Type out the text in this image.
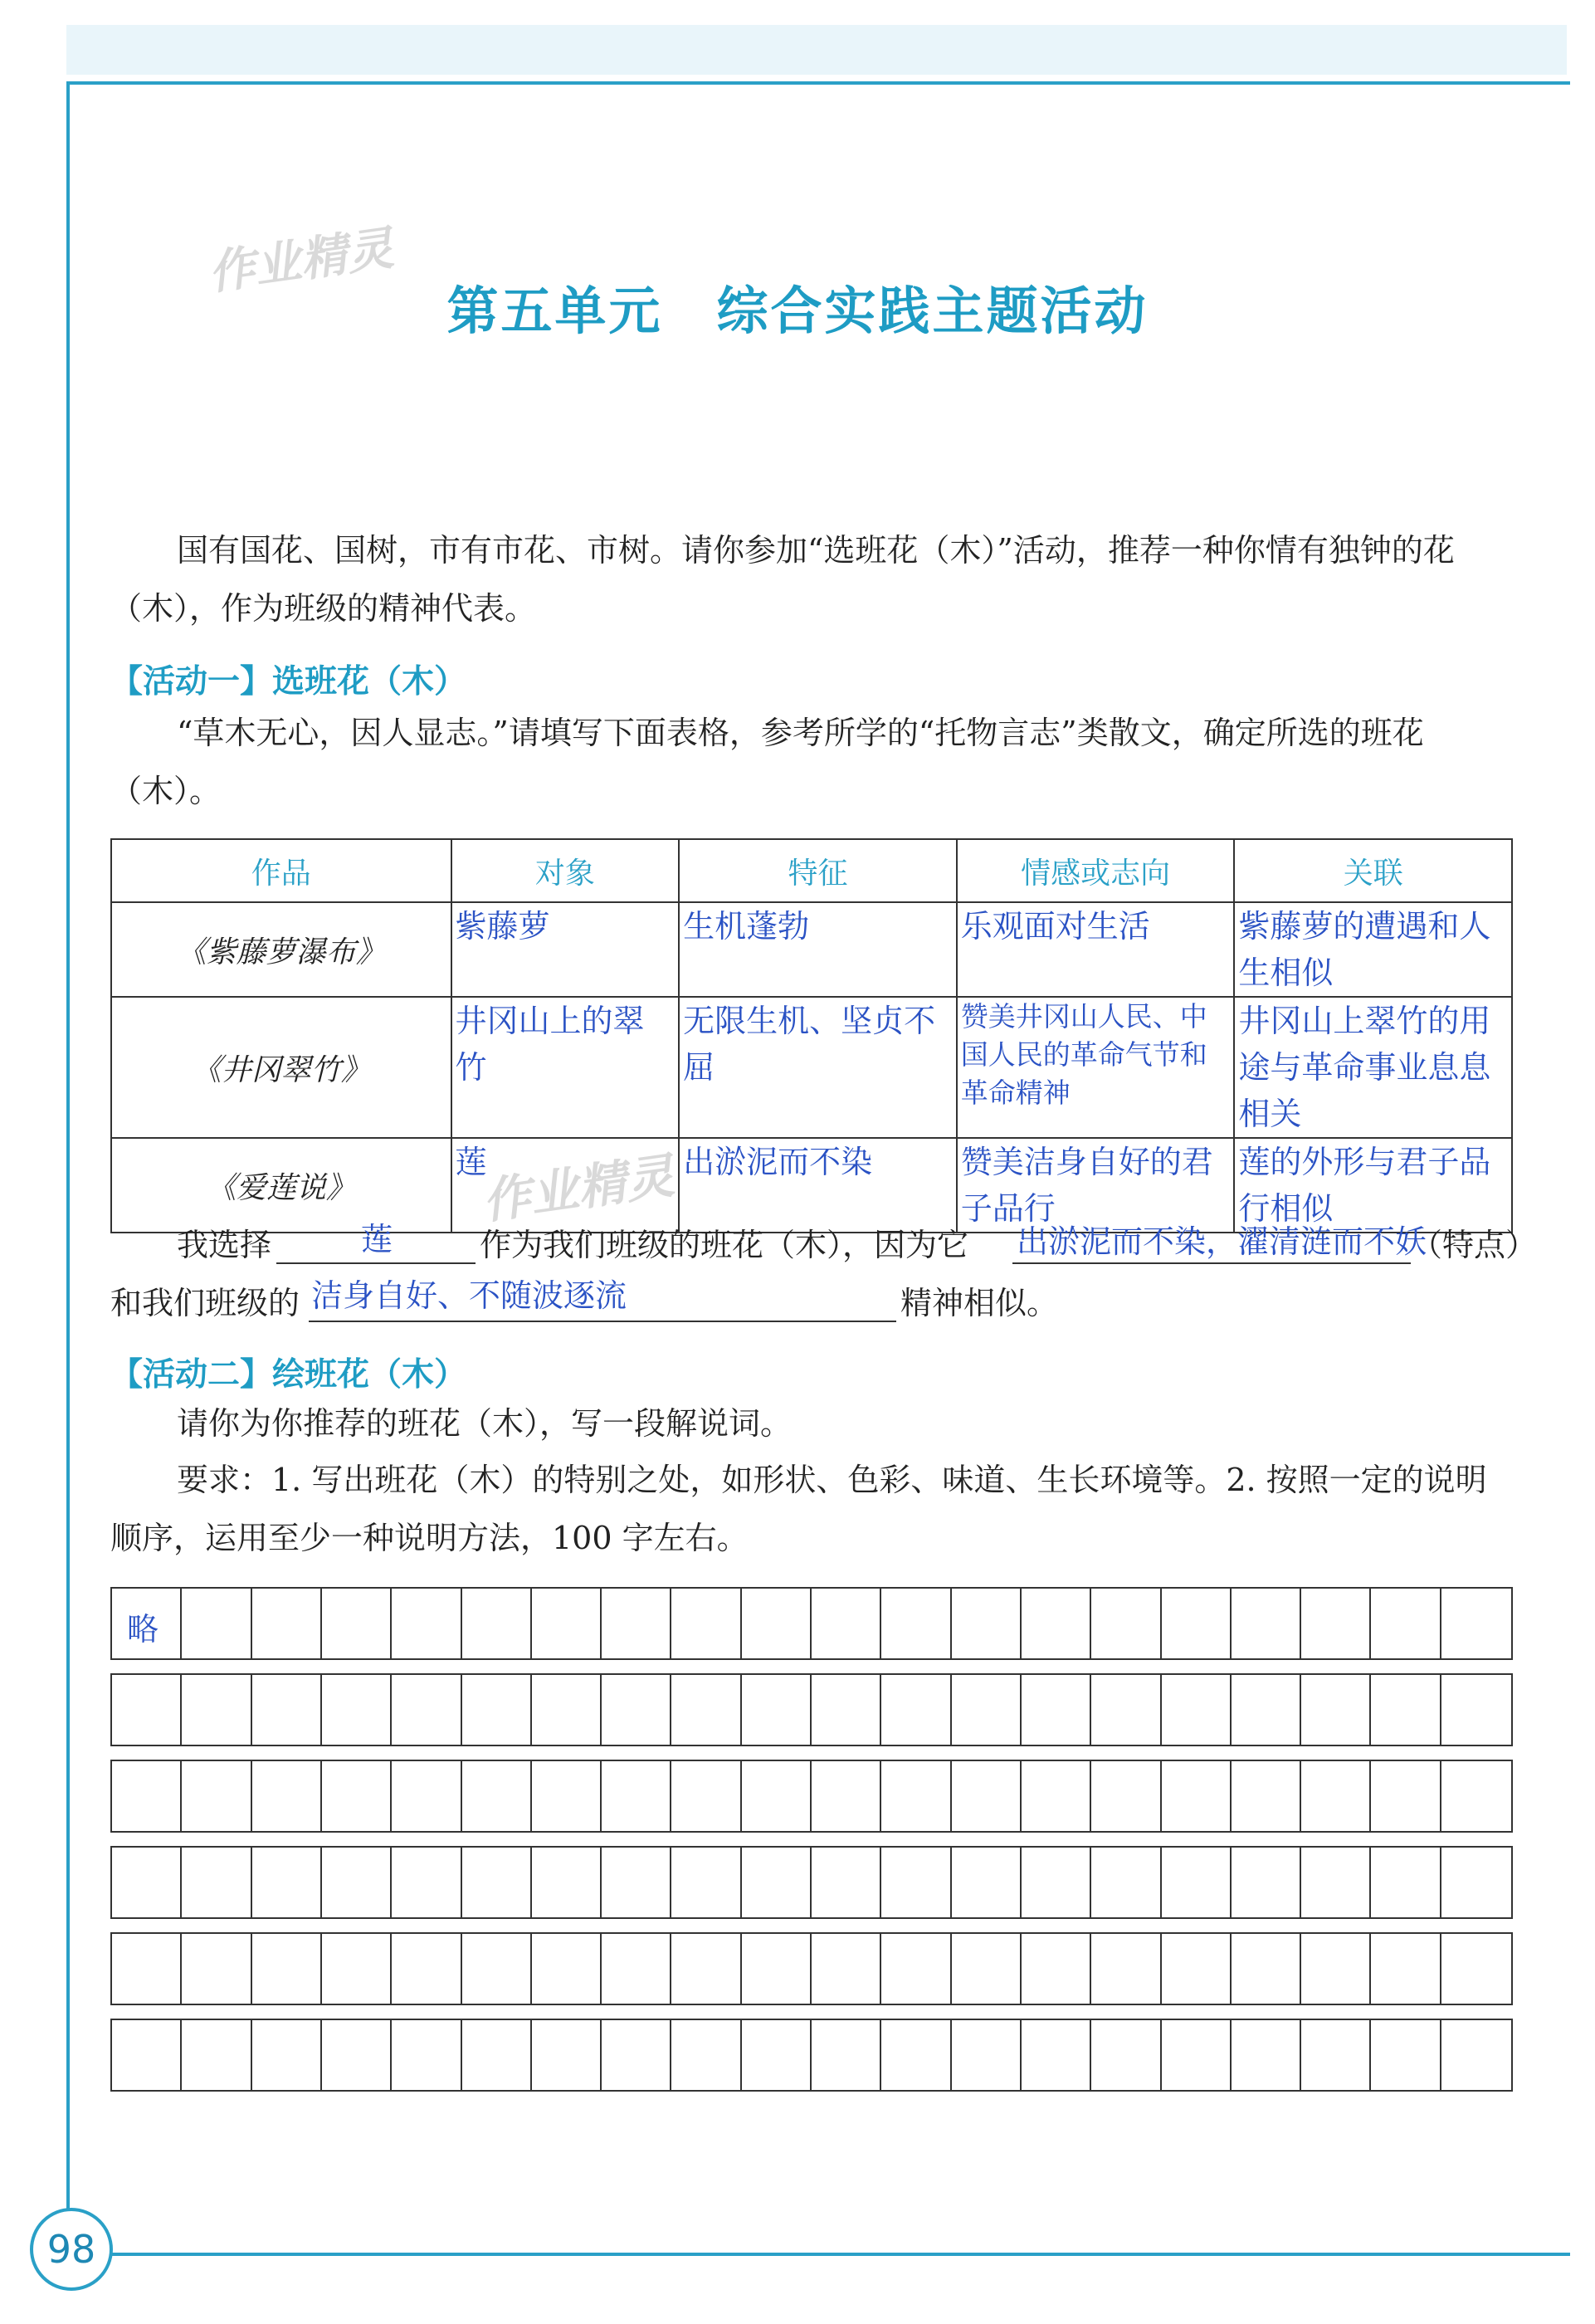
作业精灵
作业精灵
第五单元　综合实践主题活动
国有国花、国树，市有市花、市树。请你参加“选班花（木）”活动，推荐一种你情有独钟的花（木），作为班级的精神代表。
【活动一】选班花（木）
“草木无心，因人显志。”请填写下面表格，参考所学的“托物言志”类散文，确定所选的班花（木）。
作品	对象	特征	情感或志向	关联
《紫藤萝瀑布》	紫藤萝	生机蓬勃	乐观面对生活	紫藤萝的遭遇和人生相似
《井冈翠竹》	井冈山上的翠竹	无限生机、坚贞不屈	赞美井冈山人民、中国人民的革命气节和革命精神	井冈山上翠竹的用途与革命事业息息相关
《爱莲说》	莲	出淤泥而不染	赞美洁身自好的君子品行	莲的外形与君子品行相似
我选择	莲	作为我们班级的班花（木），因为它	出淤泥而不染，濯清涟而不妖
（特点）
和我们班级的 洁身自好、不随波逐流	精神相似。
【活动二】绘班花（木）
请你为你推荐的班花（木），写一段解说词。
要求：1. 写出班花（木）的特别之处，如形状、色彩、味道、生长环境等。2. 按照一定的说明顺序，运用至少一种说明方法，100 字左右。
略
98
